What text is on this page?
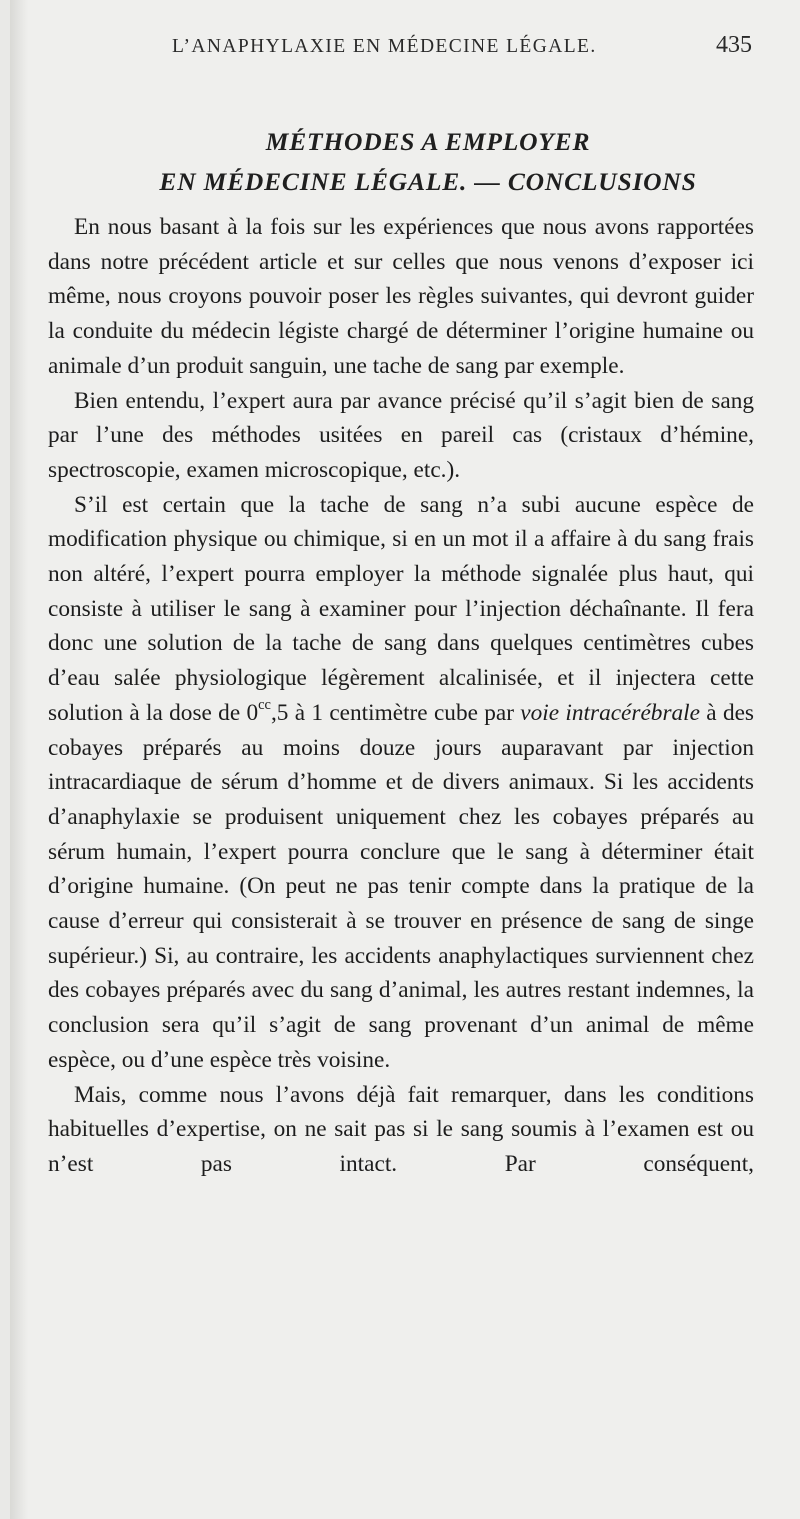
L’ANAPHYLAXIE EN MÉDECINE LÉGALE.	435
MÉTHODES A EMPLOYER
EN MÉDECINE LÉGALE. — CONCLUSIONS

En nous basant à la fois sur les expériences que nous avons rapportées dans notre précédent article et sur celles que nous venons d’exposer ici même, nous croyons pouvoir poser les règles suivantes, qui devront guider la conduite du médecin légiste chargé de déterminer l’origine humaine ou animale d’un produit sanguin, une tache de sang par exemple.

Bien entendu, l’expert aura par avance précisé qu’il s’agit bien de sang par l’une des méthodes usitées en pareil cas (cristaux d’hémine, spectroscopie, examen microscopique, etc.).

S’il est certain que la tache de sang n’a subi aucune espèce de modification physique ou chimique, si en un mot il a affaire à du sang frais non altéré, l’expert pourra employer la méthode signalée plus haut, qui consiste à utiliser le sang à examiner pour l’injection déchaînante. Il fera donc une solution de la tache de sang dans quelques centimètres cubes d’eau salée physiologique légèrement alcalinisée, et il injectera cette solution à la dose de $0^{cc},5$ à 1 centimètre cube par voie intracérébrale à des cobayes préparés au moins douze jours auparavant par injection intracardiaque de sérum d’homme et de divers animaux. Si les accidents d’anaphylaxie se produisent uniquement chez les cobayes préparés au sérum humain, l’expert pourra conclure que le sang à déterminer était d’origine humaine. (On peut ne pas tenir compte dans la pratique de la cause d’erreur qui consisterait à se trouver en présence de sang de singe supérieur.) Si, au contraire, les accidents anaphylactiques surviennent chez des cobayes préparés avec du sang d’animal, les autres restant indemnes, la conclusion sera qu’il s’agit de sang provenant d’un animal de même espèce, ou d’une espèce très voisine.

Mais, comme nous l’avons déjà fait remarquer, dans les conditions habituelles d’expertise, on ne sait pas si le sang soumis à l’examen est ou n’est pas intact. Par conséquent,
